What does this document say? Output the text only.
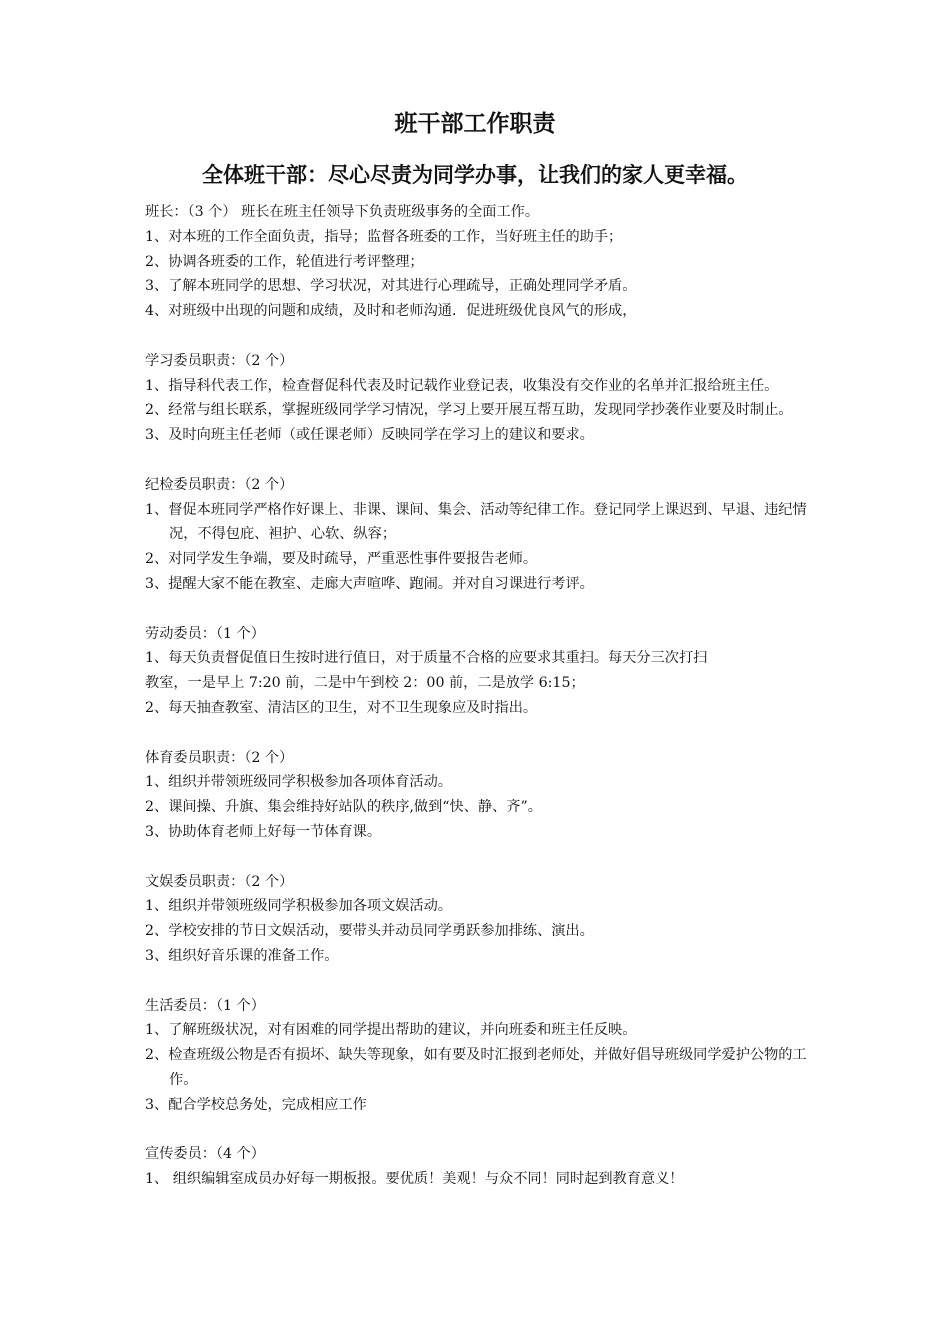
班干部工作职责
全体班干部：尽心尽责为同学办事，让我们的家人更幸福。
班长：（3 个） 班长在班主任领导下负责班级事务的全面工作。
1、对本班的工作全面负责，指导；监督各班委的工作，当好班主任的助手；
2、协调各班委的工作，轮值进行考评整理；
3、了解本班同学的思想、学习状况，对其进行心理疏导，正确处理同学矛盾。
4、对班级中出现的问题和成绩，及时和老师沟通．促进班级优良风气的形成，
学习委员职责：（2 个）
1、指导科代表工作，检查督促科代表及时记载作业登记表，收集没有交作业的名单并汇报给班主任。
2、经常与组长联系，掌握班级同学学习情况，学习上要开展互帮互助，发现同学抄袭作业要及时制止。
3、及时向班主任老师（或任课老师）反映同学在学习上的建议和要求。
纪检委员职责：（2 个）
1、督促本班同学严格作好课上、非课、课间、集会、活动等纪律工作。登记同学上课迟到、早退、违纪情况，不得包庇、袒护、心软、纵容；
2、对同学发生争端，要及时疏导，严重恶性事件要报告老师。
3、提醒大家不能在教室、走廊大声喧哗、跑闹。并对自习课进行考评。
劳动委员：（1 个）
1、每天负责督促值日生按时进行值日，对于质量不合格的应要求其重扫。每天分三次打扫
教室，一是早上 7:20 前，二是中午到校 2：00 前，二是放学 6:15；
2、每天抽查教室、清洁区的卫生，对不卫生现象应及时指出。
体育委员职责：（2 个）
1、组织并带领班级同学积极参加各项体育活动。
2、课间操、升旗、集会维持好站队的秩序,做到“快、静、齐”。
3、协助体育老师上好每一节体育课。
文娱委员职责：（2 个）
1、组织并带领班级同学积极参加各项文娱活动。
2、学校安排的节日文娱活动，要带头并动员同学勇跃参加排练、演出。
3、组织好音乐课的准备工作。
生活委员：（1 个）
1、了解班级状况，对有困难的同学提出帮助的建议，并向班委和班主任反映。
2、检查班级公物是否有损坏、缺失等现象，如有要及时汇报到老师处，并做好倡导班级同学爱护公物的工作。
3、配合学校总务处，完成相应工作
宣传委员：（4 个）
1、 组织编辑室成员办好每一期板报。要优质！美观！与众不同！同时起到教育意义！
